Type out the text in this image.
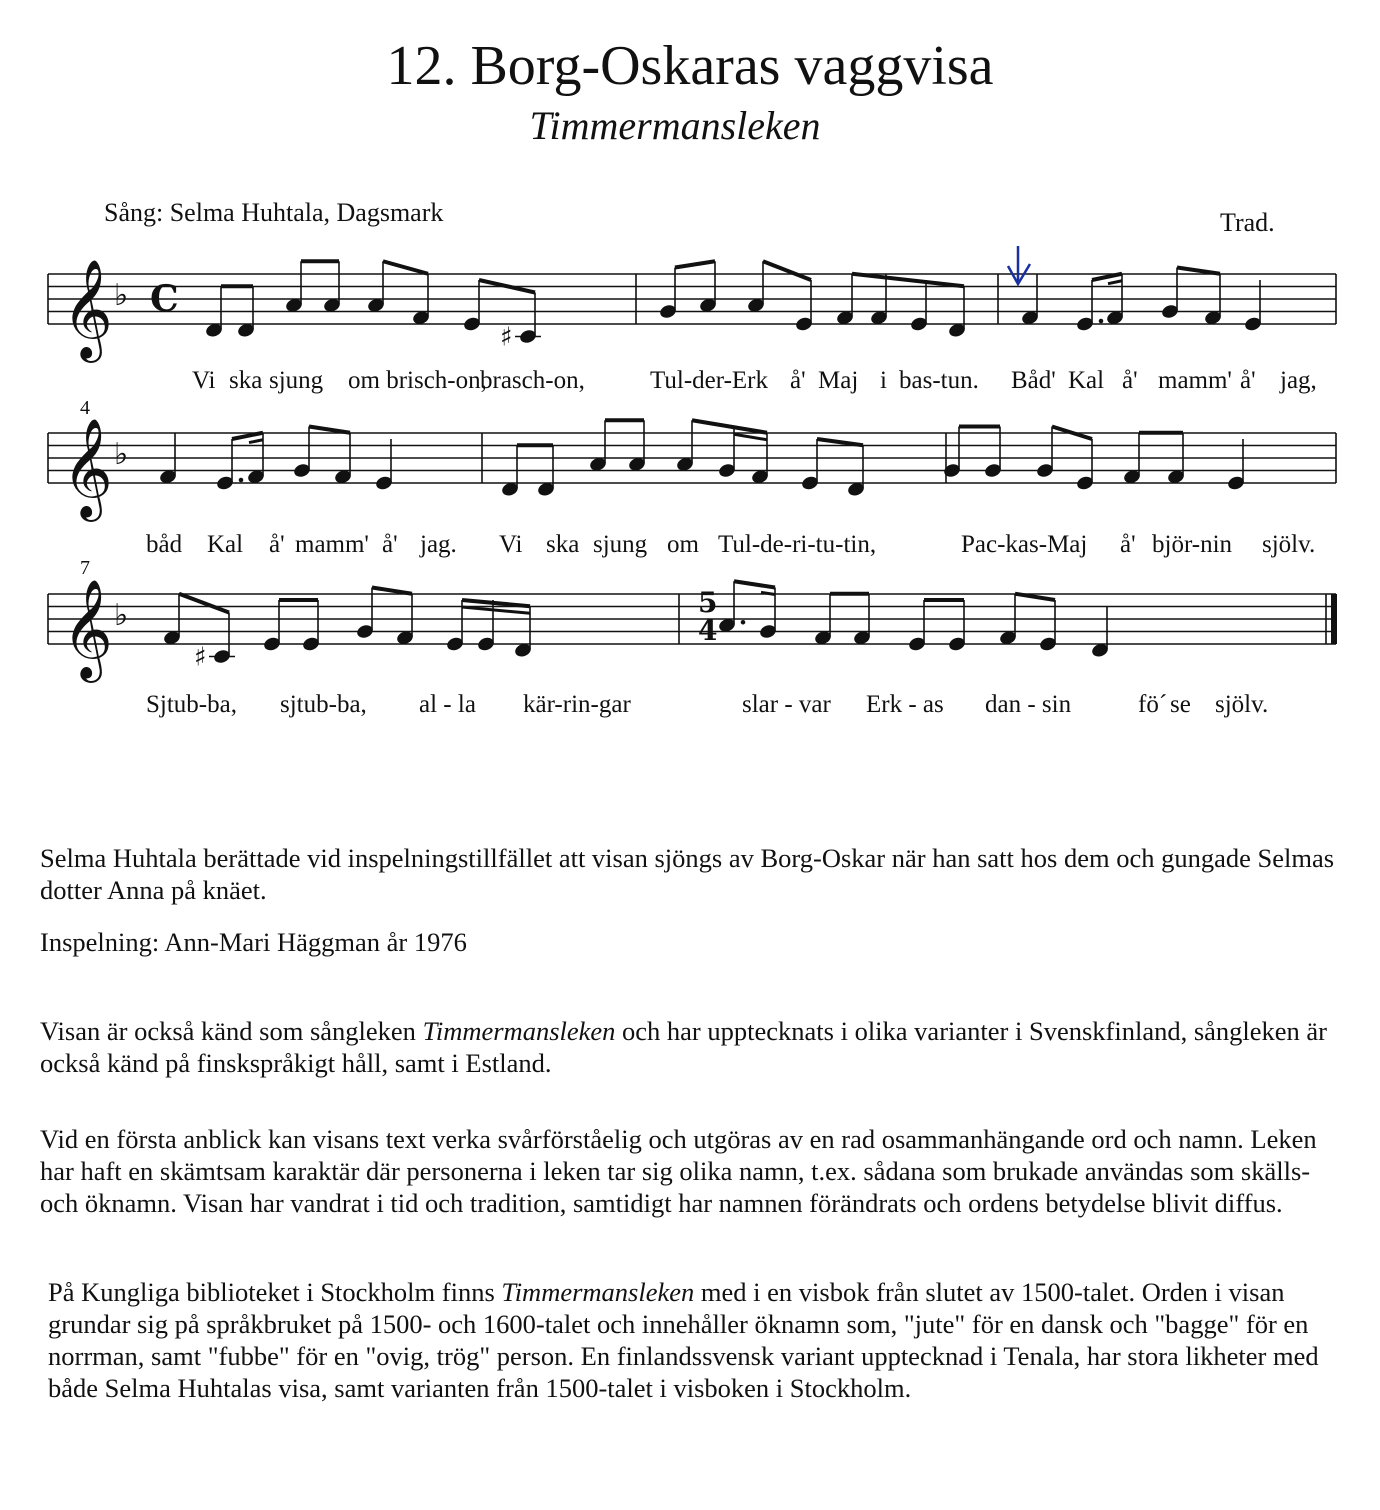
12. Borg-Oskaras vaggvisa
Timmermansleken
Sång: Selma Huhtala, Dagsmark	Trad.
𝄞 ♭
𝄞 ♭
𝄞 ♭
C
5
4
♯
♯
Vi ska sjung om brisch-on,
brasch-on,	Tul-der-Erk å' Maj i bas-tun. Båd' Kal å' mamm' å' jag,
båd Kal å' mamm' å' jag. Vi ska sjung om Tul-de-ri-tu-tin,	Pac-kas-Maj å' björ-nin sjölv.
Sjtub-ba, sjtub-ba, al - la kär-rin-gar	slar - var Erk - as dan - sin	fö´ se sjölv.
4
7
Selma Huhtala berättade vid inspelningstillfället att visan sjöngs av Borg-Oskar när han satt hos dem och gungade Selmas dotter Anna på knäet.
Inspelning: Ann-Mari Häggman år 1976
Visan är också känd som sångleken Timmermansleken och har upptecknats i olika varianter i Svenskfinland, sångleken är också känd på finskspråkigt håll, samt i Estland.
Vid en första anblick kan visans text verka svårförståelig och utgöras av en rad osammanhängande ord och namn. Leken har haft en skämtsam karaktär där personerna i leken tar sig olika namn, t.ex. sådana som brukade användas som skälls- och öknamn. Visan har vandrat i tid och tradition, samtidigt har namnen förändrats och ordens betydelse blivit diffus.
På Kungliga biblioteket i Stockholm finns Timmermansleken med i en visbok från slutet av 1500-talet. Orden i visan grundar sig på språkbruket på 1500- och 1600-talet och innehåller öknamn som, "jute" för en dansk och "bagge" för en norrman, samt "fubbe" för en "ovig, trög" person. En finlandssvensk variant upptecknad i Tenala, har stora likheter med både Selma Huhtalas visa, samt varianten från 1500-talet i visboken i Stockholm.
